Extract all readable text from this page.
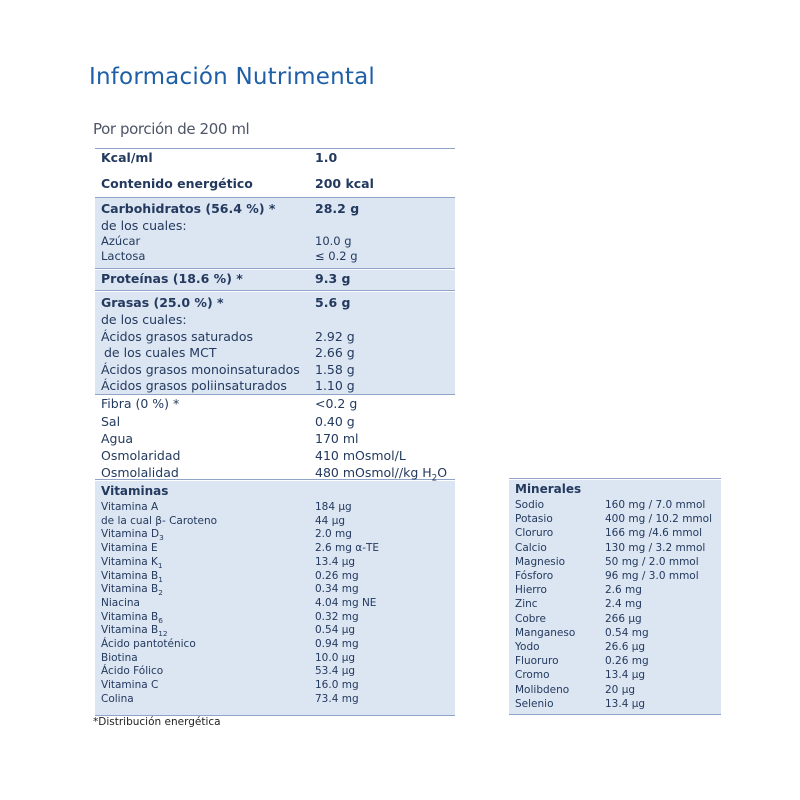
Información Nutrimental
Por porción de 200 ml
Kcal/ml	1.0
Contenido energético	200 kcal
Carbohidratos (56.4 %) *	28.2 g
de los cuales:
Azúcar	10.0 g
Lactosa	≤ 0.2 g
Proteínas (18.6 %) *	9.3 g
Grasas (25.0 %) *	5.6 g
de los cuales:
Ácidos grasos saturados	2.92 g
de los cuales MCT	2.66 g
Ácidos grasos monoinsaturados 1.58 g
Ácidos grasos poliinsaturados 1.10 g
Fibra (0 %) *	<0.2 g
Sal	0.40 g
Agua	170 ml
Osmolaridad	410 mOsmol/L
Osmolalidad	480 mOsmol//kg $H_2O$
Vitaminas
Vitamina A	184 µg
de la cual β- Caroteno	44 µg
Vitamina $D_3$	2.0 mg
Vitamina E	2.6 mg α-TE
Vitamina $K_1$	13.4 µg
Vitamina $B_1$	0.26 mg
Vitamina $B_2$	0.34 mg
Niacina	4.04 mg NE
Vitamina $B_6$	0.32 mg
Vitamina $B_{12}$	0.54 µg
Ácido pantoténico	0.94 mg
Biotina	10.0 µg
Ácido Fólico	53.4 µg
Vitamina C	16.0 mg
Colina	73.4 mg
Minerales
Sodio	160 mg / 7.0 mmol
Potasio	400 mg / 10.2 mmol
Cloruro	166 mg /4.6 mmol
Calcio	130 mg / 3.2 mmol
Magnesio	50 mg / 2.0 mmol
Fósforo	96 mg / 3.0 mmol
Hierro	2.6 mg
Zinc	2.4 mg
Cobre	266 µg
Manganeso	0.54 mg
Yodo	26.6 µg
Fluoruro	0.26 mg
Cromo	13.4 µg
Molibdeno	20 µg
Selenio	13.4 µg
*Distribución energética
